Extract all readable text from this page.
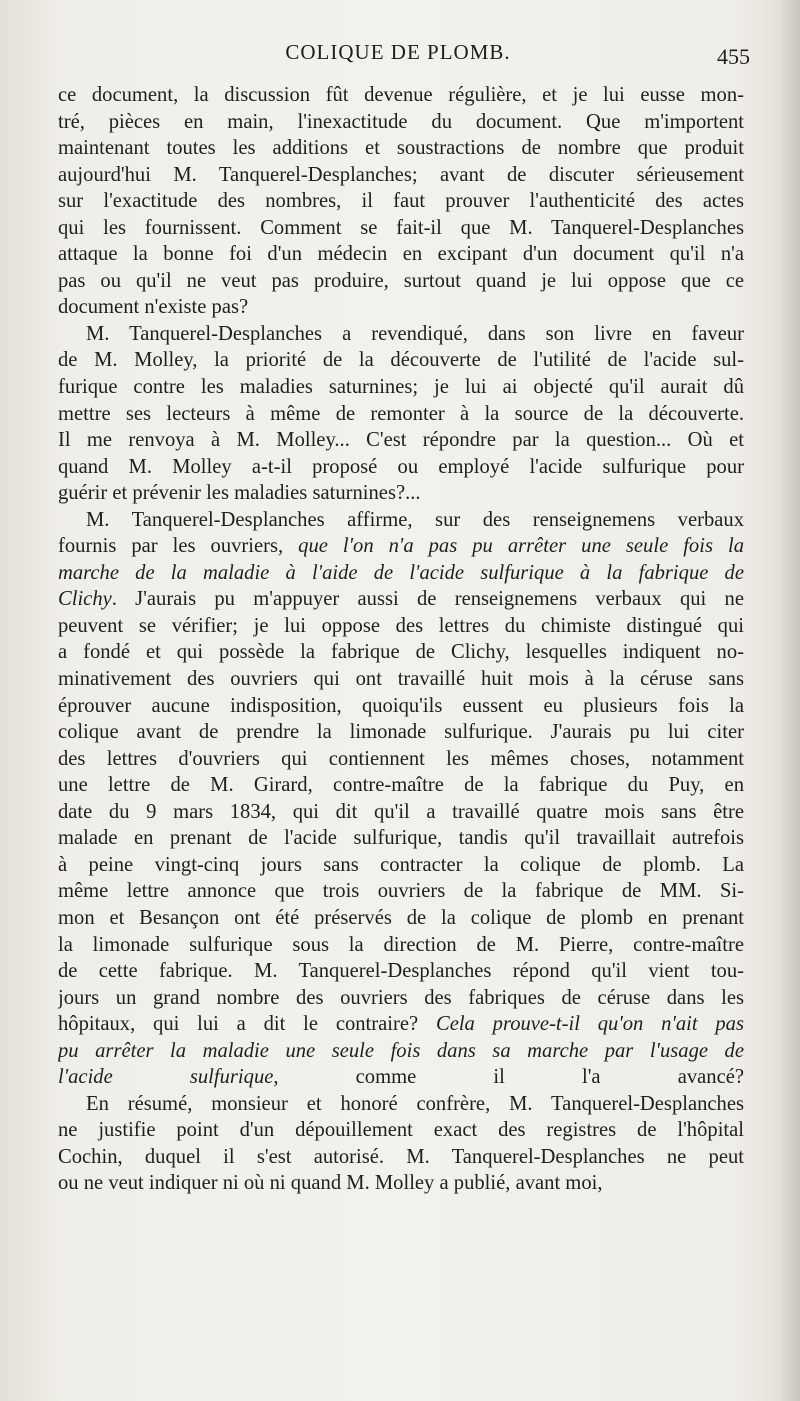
COLIQUE DE PLOMB.	455
ce document, la discussion fût devenue régulière, et je lui eusse mon-
tré, pièces en main, l'inexactitude du document. Que m'importent
maintenant toutes les additions et soustractions de nombre que produit
aujourd'hui M. Tanquerel-Desplanches; avant de discuter sérieusement
sur l'exactitude des nombres, il faut prouver l'authenticité des actes
qui les fournissent. Comment se fait-il que M. Tanquerel-Desplanches
attaque la bonne foi d'un médecin en excipant d'un document qu'il n'a
pas ou qu'il ne veut pas produire, surtout quand je lui oppose que ce
document n'existe pas?
M. Tanquerel-Desplanches a revendiqué, dans son livre en faveur
de M. Molley, la priorité de la découverte de l'utilité de l'acide sul-
furique contre les maladies saturnines; je lui ai objecté qu'il aurait dû
mettre ses lecteurs à même de remonter à la source de la découverte.
Il me renvoya à M. Molley... C'est répondre par la question... Où et
quand M. Molley a-t-il proposé ou employé l'acide sulfurique pour
guérir et prévenir les maladies saturnines?...
M. Tanquerel-Desplanches affirme, sur des renseignemens verbaux
fournis par les ouvriers, que l'on n'a pas pu arrêter une seule fois la
marche de la maladie à l'aide de l'acide sulfurique à la fabrique de
Clichy. J'aurais pu m'appuyer aussi de renseignemens verbaux qui ne
peuvent se vérifier; je lui oppose des lettres du chimiste distingué qui
a fondé et qui possède la fabrique de Clichy, lesquelles indiquent no-
minativement des ouvriers qui ont travaillé huit mois à la céruse sans
éprouver aucune indisposition, quoiqu'ils eussent eu plusieurs fois la
colique avant de prendre la limonade sulfurique. J'aurais pu lui citer
des lettres d'ouvriers qui contiennent les mêmes choses, notamment
une lettre de M. Girard, contre-maître de la fabrique du Puy, en
date du 9 mars 1834, qui dit qu'il a travaillé quatre mois sans être
malade en prenant de l'acide sulfurique, tandis qu'il travaillait autrefois
à peine vingt-cinq jours sans contracter la colique de plomb. La
même lettre annonce que trois ouvriers de la fabrique de MM. Si-
mon et Besançon ont été préservés de la colique de plomb en prenant
la limonade sulfurique sous la direction de M. Pierre, contre-maître
de cette fabrique. M. Tanquerel-Desplanches répond qu'il vient tou-
jours un grand nombre des ouvriers des fabriques de céruse dans les
hôpitaux, qui lui a dit le contraire? Cela prouve-t-il qu'on n'ait pas
pu arrêter la maladie une seule fois dans sa marche par l'usage de
l'acide sulfurique, comme il l'a avancé?
En résumé, monsieur et honoré confrère, M. Tanquerel-Desplanches
ne justifie point d'un dépouillement exact des registres de l'hôpital
Cochin, duquel il s'est autorisé. M. Tanquerel-Desplanches ne peut
ou ne veut indiquer ni où ni quand M. Molley a publié, avant moi,
